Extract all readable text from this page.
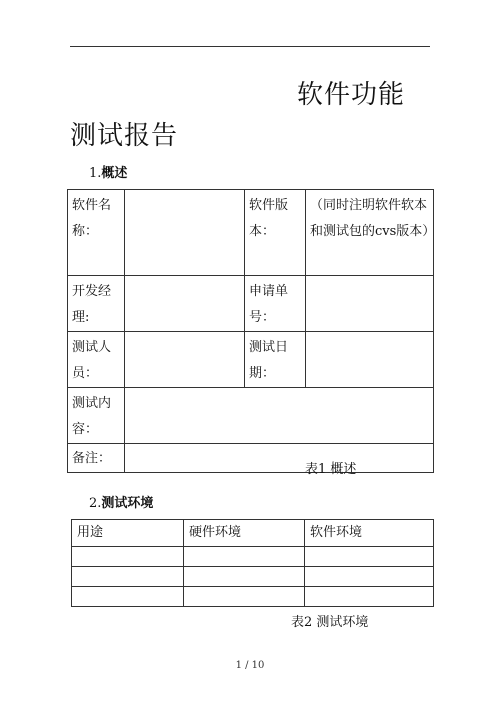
软件功能
测试报告
1.概述
软件名称：		软件版本：	（同时注明软件软本和测试包的cvs版本）
开发经理:		申请单号：	
测试人员：		测试日期：	
测试内容：			
备注：			
表1 概述
2.测试环境
用途	硬件环境	软件环境

表2 测试环境
1 / 10
